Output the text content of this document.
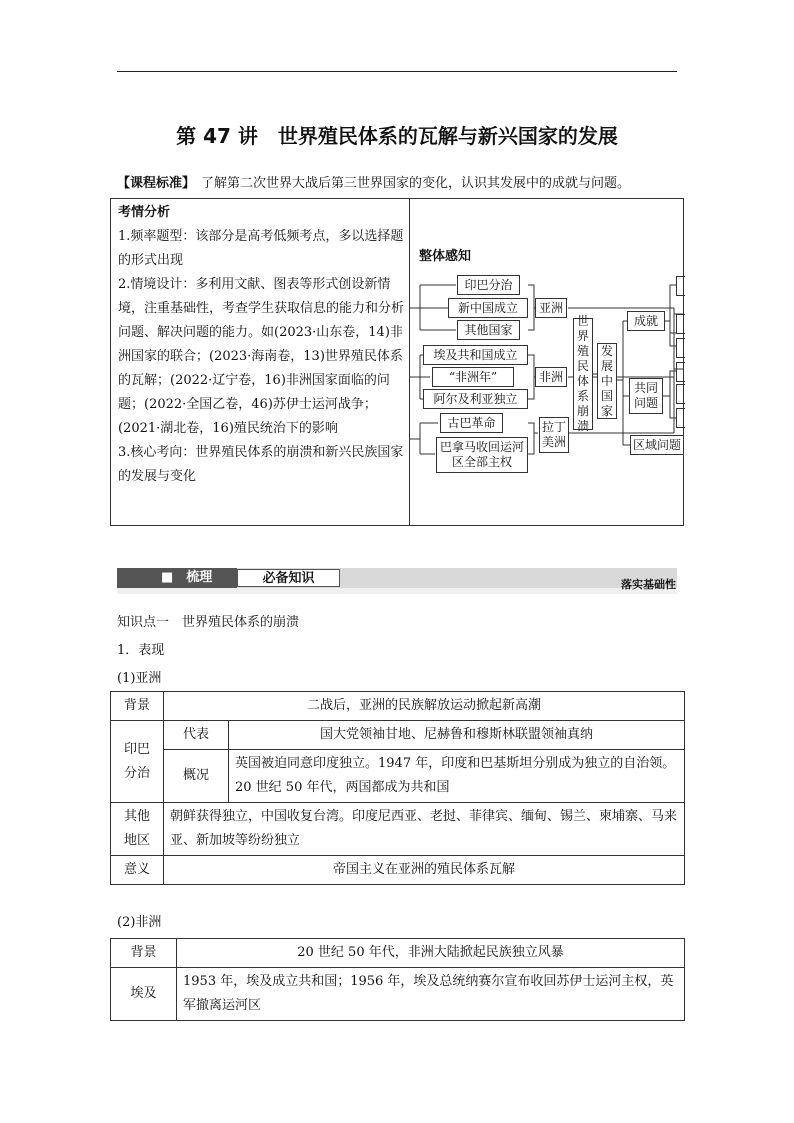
第 47 讲　世界殖民体系的瓦解与新兴国家的发展
【课程标准】 了解第二次世界大战后第三世界国家的变化，认识其发展中的成就与问题。
考情分析
1.频率题型：该部分是高考低频考点，多以选择题的形式出现
2.情境设计：多利用文献、图表等形式创设新情境，注重基础性，考查学生获取信息的能力和分析问题、解决问题的能力。如(2023·山东卷，14)非洲国家的联合；(2023·海南卷，13)世界殖民体系的瓦解；(2022·辽宁卷，16)非洲国家面临的问题；(2022·全国乙卷，46)苏伊士运河战争；(2021·湖北卷，16)殖民统治下的影响
3.核心考向：世界殖民体系的崩溃和新兴民族国家的发展与变化
整体感知
印巴分治
新中国成立
其他国家
亚洲
埃及共和国成立
“非洲年”
阿尔及利亚独立
非洲
古巴革命
巴拿马收回运河区全部主权
拉丁美洲
世界殖民体系崩溃
发展中国家
成就
共同问题
区域问题
■　梳理	必备知识	落实基础性
知识点一　世界殖民体系的崩溃
1．表现
(1)亚洲
背景	二战后，亚洲的民族解放运动掀起新高潮	

印巴分治	代表	国大党领袖甘地、尼赫鲁和穆斯林联盟领袖真纳
	概况	英国被迫同意印度独立。1947 年，印度和巴基斯坦分别成为独立的自治领。20 世纪 50 年代，两国都成为共和国

其他地区	朝鲜获得独立，中国收复台湾。印度尼西亚、老挝、菲律宾、缅甸、锡兰、柬埔寨、马来亚、新加坡等纷纷独立	
意义	帝国主义在亚洲的殖民体系瓦解	
(2)非洲
背景	20 世纪 50 年代，非洲大陆掀起民族独立风暴
埃及	1953 年，埃及成立共和国；1956 年，埃及总统纳赛尔宣布收回苏伊士运河主权，英军撤离运河区
